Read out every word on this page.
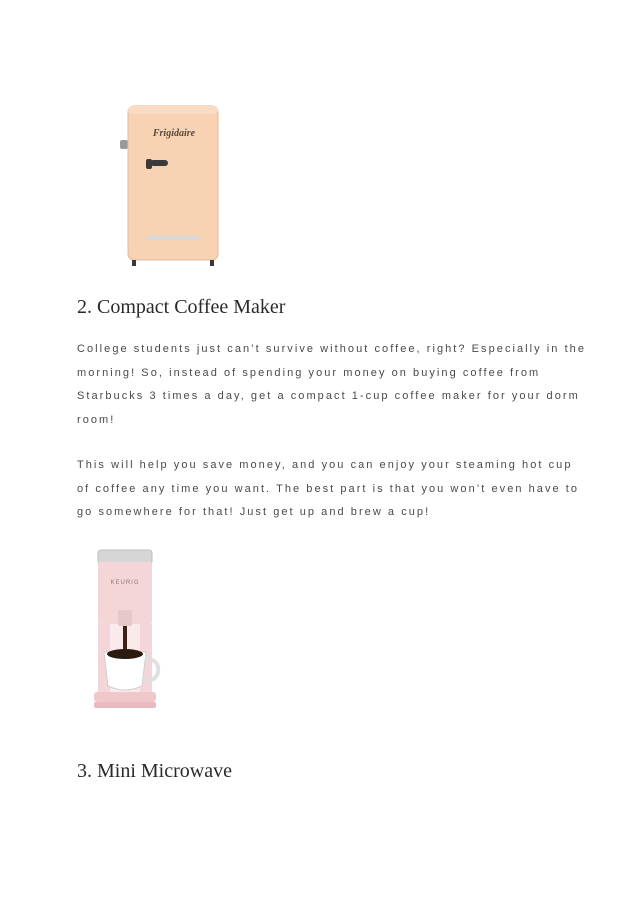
Frigidaire
2. Compact Coffee Maker
College students just can’t survive without coffee, right? Especially in the
morning! So, instead of spending your money on buying coffee from
Starbucks 3 times a day, get a compact 1-cup coffee maker for your dorm
room!
This will help you save money, and you can enjoy your steaming hot cup
of coffee any time you want. The best part is that you won’t even have to
go somewhere for that! Just get up and brew a cup!
KEURIG
3. Mini Microwave
